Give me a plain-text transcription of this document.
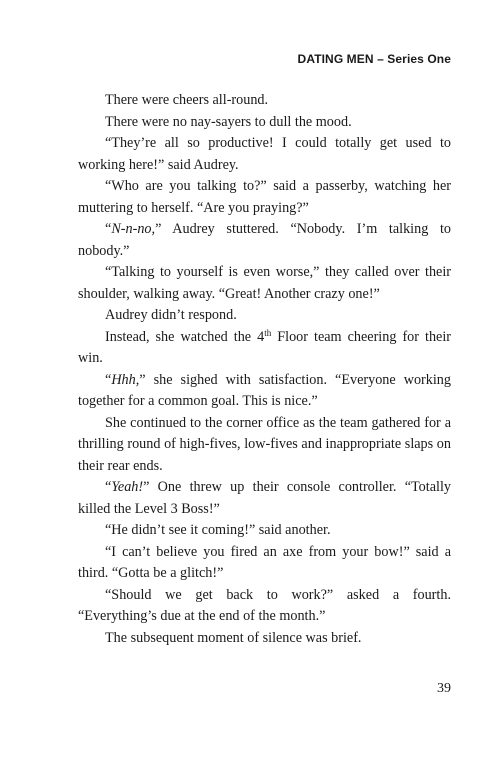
DATING MEN – Series One

There were cheers all-round.

There were no nay-sayers to dull the mood.

“They’re all so productive! I could totally get used to working here!” said Audrey.

“Who are you talking to?” said a passerby, watching her muttering to herself. “Are you praying?”

“N-n-no,” Audrey stuttered. “Nobody. I’m talking to nobody.”

“Talking to yourself is even worse,” they called over their shoulder, walking away. “Great! Another crazy one!”

Audrey didn’t respond.

Instead, she watched the 4th Floor team cheering for their win.

“Hhh,” she sighed with satisfaction. “Everyone working together for a common goal. This is nice.”

She continued to the corner office as the team gathered for a thrilling round of high-fives, low-fives and inappropriate slaps on their rear ends.

“Yeah!” One threw up their console controller. “Totally killed the Level 3 Boss!”

“He didn’t see it coming!” said another.

“I can’t believe you fired an axe from your bow!” said a third. “Gotta be a glitch!”

“Should we get back to work?” asked a fourth. “Everything’s due at the end of the month.”

The subsequent moment of silence was brief.

39
